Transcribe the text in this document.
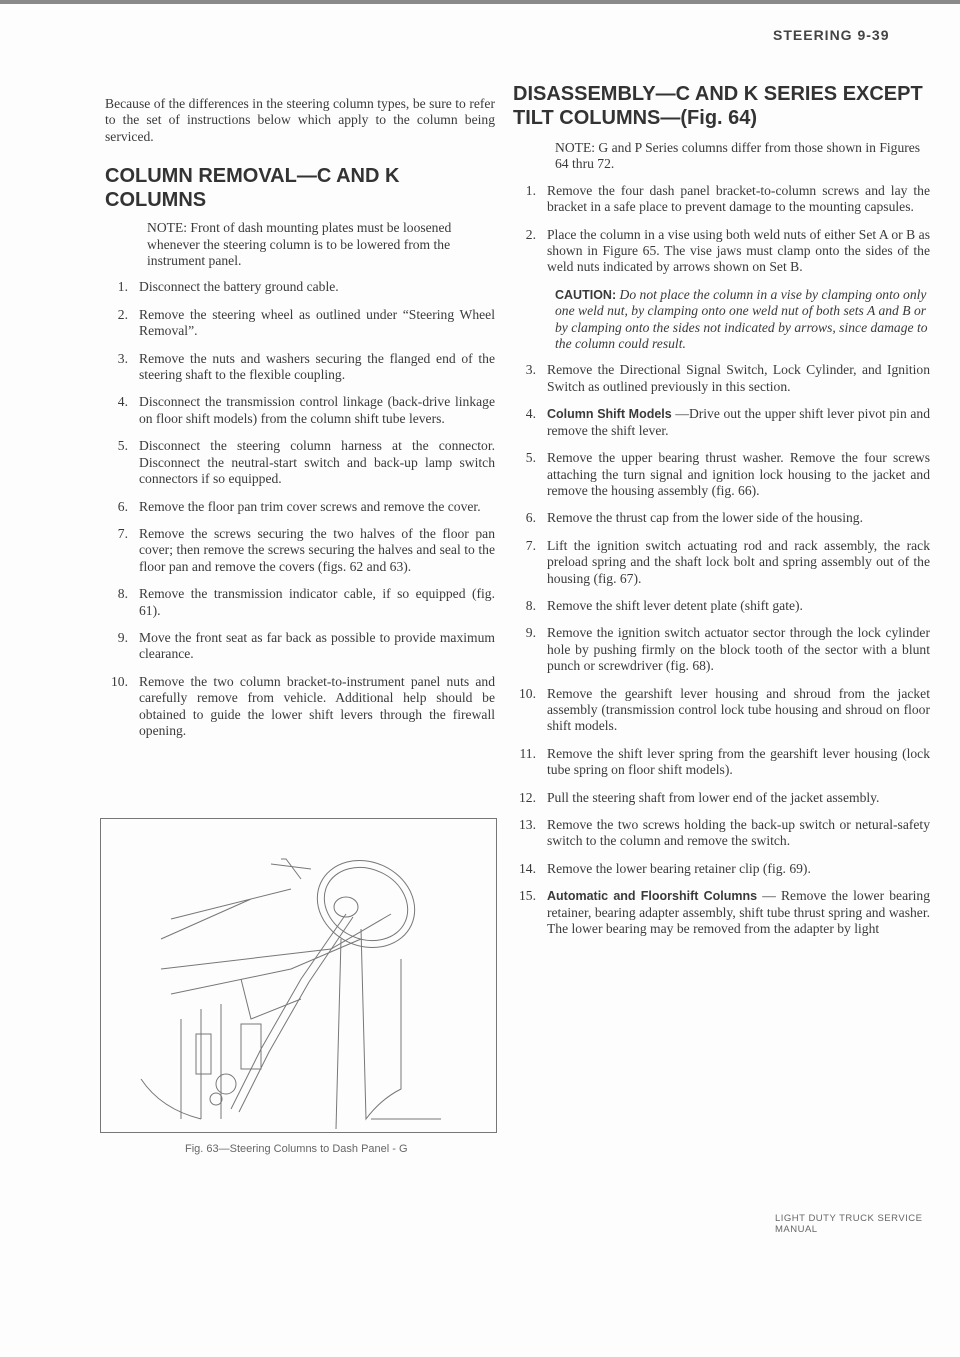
STEERING 9-39

Because of the differences in the steering column types, be sure to refer to the set of instructions below which apply to the column being serviced.

COLUMN REMOVAL—C AND K COLUMNS

NOTE: Front of dash mounting plates must be loosened whenever the steering column is to be lowered from the instrument panel.

1. Disconnect the battery ground cable.
2. Remove the steering wheel as outlined under “Steering Wheel Removal”.
3. Remove the nuts and washers securing the flanged end of the steering shaft to the flexible coupling.
4. Disconnect the transmission control linkage (back-drive linkage on floor shift models) from the column shift tube levers.
5. Disconnect the steering column harness at the connector. Disconnect the neutral-start switch and back-up lamp switch connectors if so equipped.
6. Remove the floor pan trim cover screws and remove the cover.
7. Remove the screws securing the two halves of the floor pan cover; then remove the screws securing the halves and seal to the floor pan and remove the covers (figs. 62 and 63).
8. Remove the transmission indicator cable, if so equipped (fig. 61).
9. Move the front seat as far back as possible to provide maximum clearance.
10. Remove the two column bracket-to-instrument panel nuts and carefully remove from vehicle. Additional help should be obtained to guide the lower shift levers through the firewall opening.
Fig. 63—Steering Columns to Dash Panel - G
DISASSEMBLY—C AND K SERIES EXCEPT TILT COLUMNS—(Fig. 64)

NOTE: G and P Series columns differ from those shown in Figures 64 thru 72.

1. Remove the four dash panel bracket-to-column screws and lay the bracket in a safe place to prevent damage to the mounting capsules.
2. Place the column in a vise using both weld nuts of either Set A or B as shown in Figure 65. The vise jaws must clamp onto the sides of the weld nuts indicated by arrows shown on Set B.

CAUTION: Do not place the column in a vise by clamping onto only one weld nut, by clamping onto one weld nut of both sets A and B or by clamping onto the sides not indicated by arrows, since damage to the column could result.

3. Remove the Directional Signal Switch, Lock Cylinder, and Ignition Switch as outlined previously in this section.
4. Column Shift Models —Drive out the upper shift lever pivot pin and remove the shift lever.
5. Remove the upper bearing thrust washer. Remove the four screws attaching the turn signal and ignition lock housing to the jacket and remove the housing assembly (fig. 66).
6. Remove the thrust cap from the lower side of the housing.
7. Lift the ignition switch actuating rod and rack assembly, the rack preload spring and the shaft lock bolt and spring assembly out of the housing (fig. 67).
8. Remove the shift lever detent plate (shift gate).
9. Remove the ignition switch actuator sector through the lock cylinder hole by pushing firmly on the block tooth of the sector with a blunt punch or screwdriver (fig. 68).
10. Remove the gearshift lever housing and shroud from the jacket assembly (transmission control lock tube housing and shroud on floor shift models.
11. Remove the shift lever spring from the gearshift lever housing (lock tube spring on floor shift models).
12. Pull the steering shaft from lower end of the jacket assembly.
13. Remove the two screws holding the back-up switch or netural-safety switch to the column and remove the switch.
14. Remove the lower bearing retainer clip (fig. 69).
15. Automatic and Floorshift Columns — Remove the lower bearing retainer, bearing adapter assembly, shift tube thrust spring and washer. The lower bearing may be removed from the adapter by light
LIGHT DUTY TRUCK SERVICE MANUAL
